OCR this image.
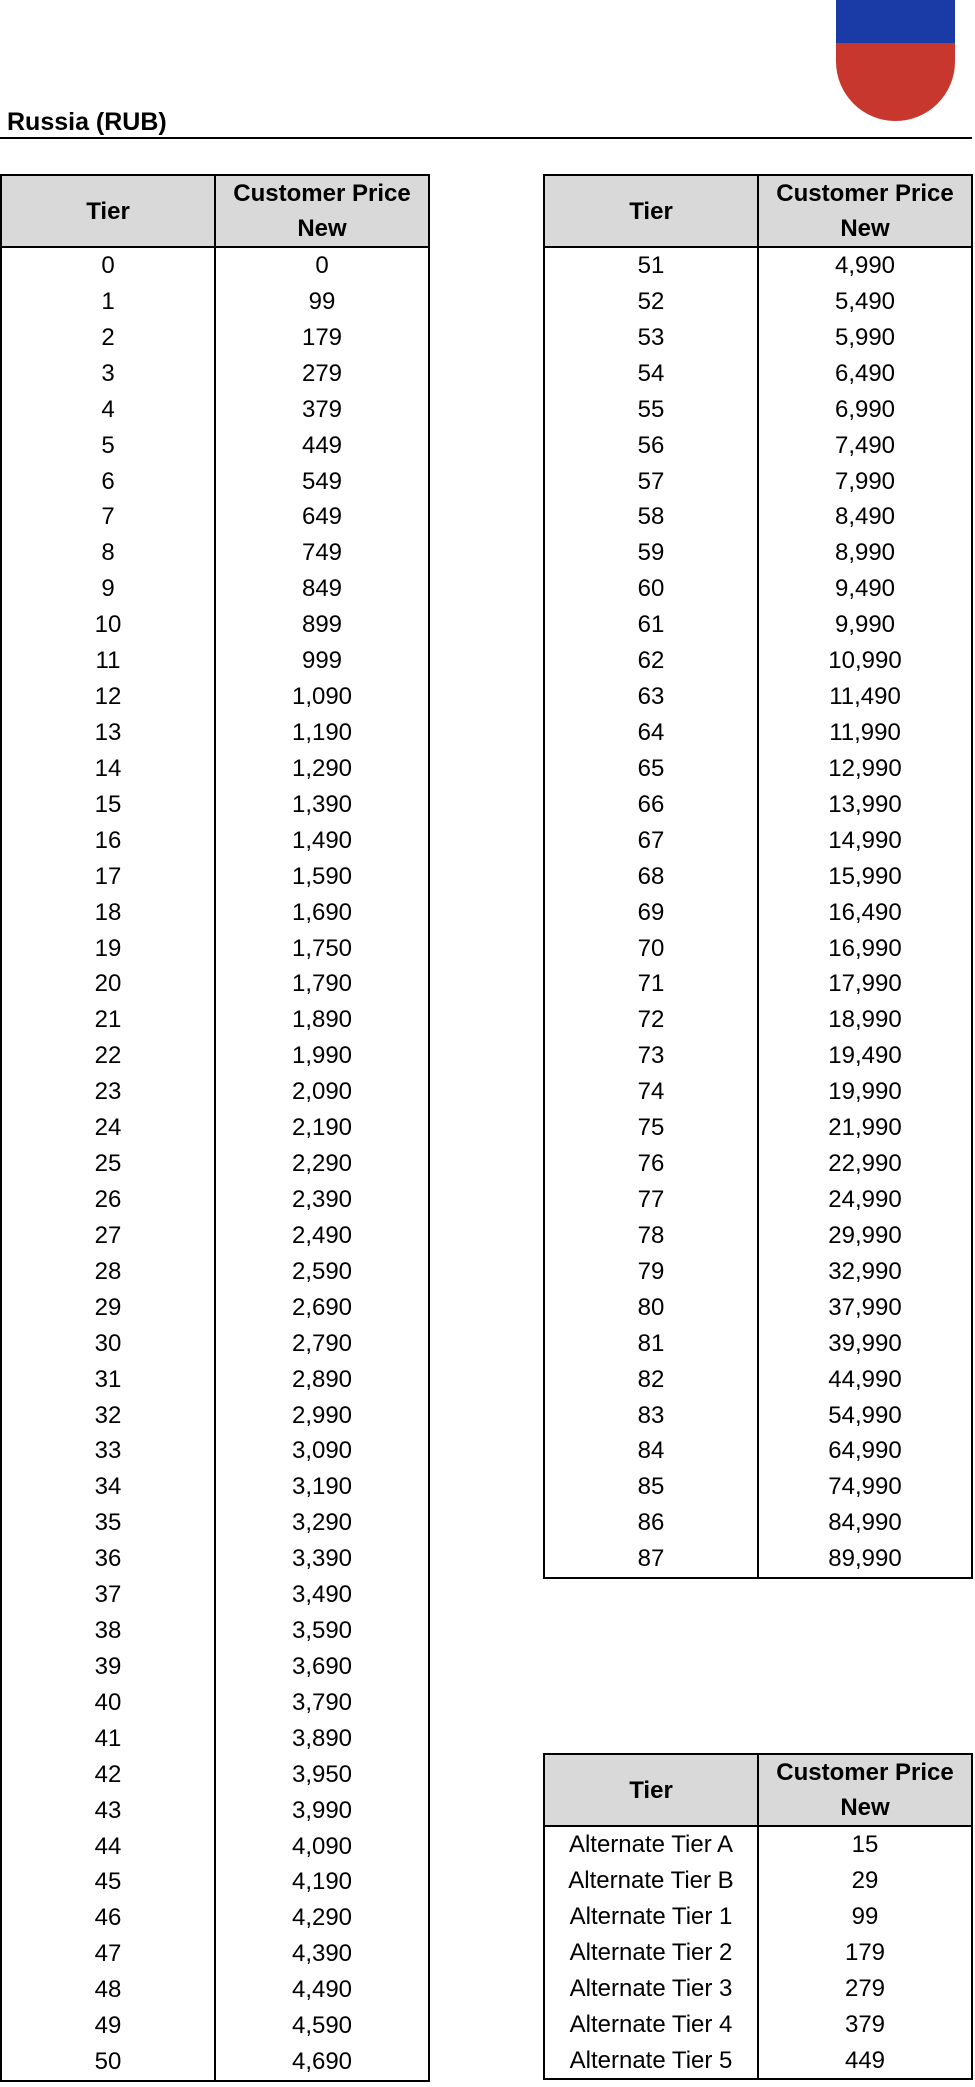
Russia (RUB)
Tier	Customer Price New
0	0
1	99
2	179
3	279
4	379
5	449
6	549
7	649
8	749
9	849
10	899
11	999
12	1,090
13	1,190
14	1,290
15	1,390
16	1,490
17	1,590
18	1,690
19	1,750
20	1,790
21	1,890
22	1,990
23	2,090
24	2,190
25	2,290
26	2,390
27	2,490
28	2,590
29	2,690
30	2,790
31	2,890
32	2,990
33	3,090
34	3,190
35	3,290
36	3,390
37	3,490
38	3,590
39	3,690
40	3,790
41	3,890
42	3,950
43	3,990
44	4,090
45	4,190
46	4,290
47	4,390
48	4,490
49	4,590
50	4,690
Tier	Customer Price New
51	4,990
52	5,490
53	5,990
54	6,490
55	6,990
56	7,490
57	7,990
58	8,490
59	8,990
60	9,490
61	9,990
62	10,990
63	11,490
64	11,990
65	12,990
66	13,990
67	14,990
68	15,990
69	16,490
70	16,990
71	17,990
72	18,990
73	19,490
74	19,990
75	21,990
76	22,990
77	24,990
78	29,990
79	32,990
80	37,990
81	39,990
82	44,990
83	54,990
84	64,990
85	74,990
86	84,990
87	89,990
Tier	Customer Price New
Alternate Tier A	15
Alternate Tier B	29
Alternate Tier 1	99
Alternate Tier 2	179
Alternate Tier 3	279
Alternate Tier 4	379
Alternate Tier 5	449
